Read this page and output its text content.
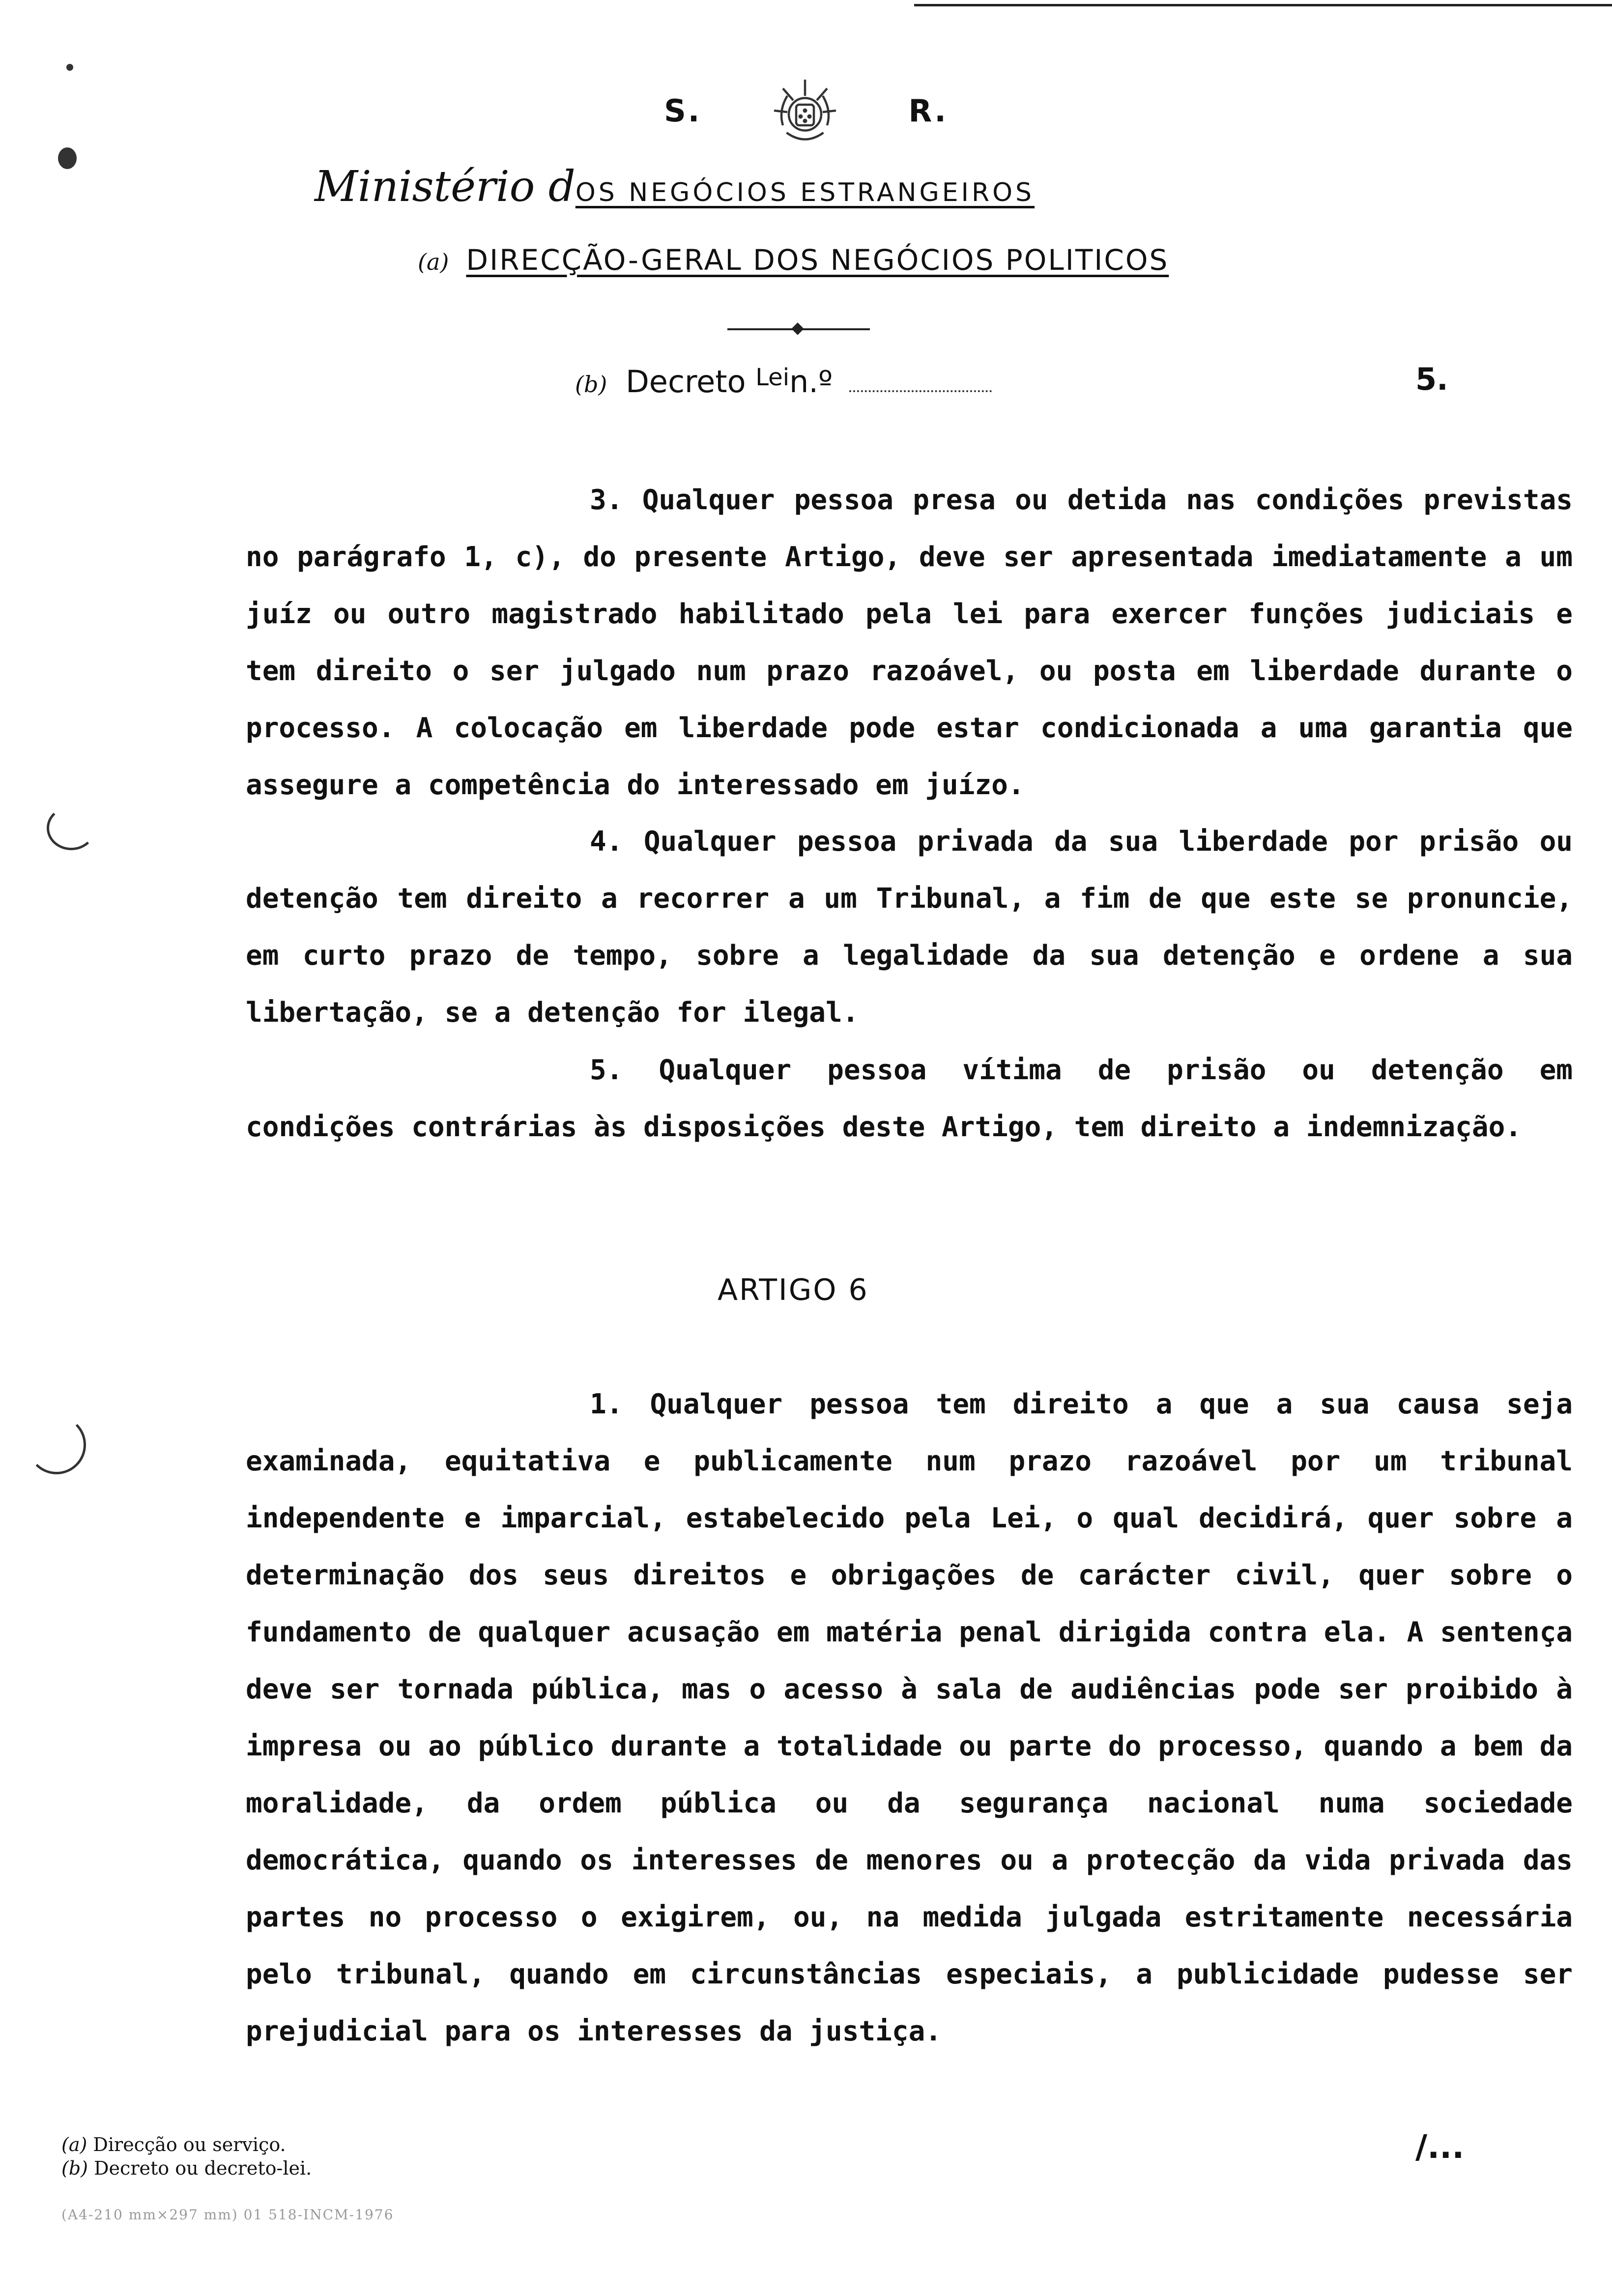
S.	R.
Ministério dOS NEGÓCIOS ESTRANGEIROS
(a) DIRECÇÃO-GERAL DOS NEGÓCIOS POLITICOS
(b) Decreto $^{Lei}$n.º	5.

3. Qualquer pessoa presa ou detida nas condições previstas no parágrafo 1, c), do presente Artigo, deve ser apresentada imediatamente a um juíz ou outro magistrado habilitado pela lei para exercer funções judiciais e tem direito o ser julgado num prazo razoável, ou posta em liberdade durante o processo. A colocação em liberdade pode estar condicionada a uma garantia que assegure a competência do interessado em juízo.

4. Qualquer pessoa privada da sua liberdade por prisão ou detenção tem direito a recorrer a um Tribunal, a fim de que este se pronuncie, em curto prazo de tempo, sobre a legalidade da sua detenção e ordene a sua libertação, se a detenção for ilegal.

5. Qualquer pessoa vítima de prisão ou detenção em condições contrárias às disposições deste Artigo, tem direito a indemnização.

ARTIGO 6

1. Qualquer pessoa tem direito a que a sua causa seja examinada, equitativa e publicamente num prazo razoável por um tribunal independente e imparcial, estabelecido pela Lei, o qual decidirá, quer sobre a determinação dos seus direitos e obrigações de carácter civil, quer sobre o fundamento de qualquer acusação em matéria penal dirigida contra ela. A sentença deve ser tornada pública, mas o acesso à sala de audiências pode ser proibido à impresa ou ao público durante a totalidade ou parte do processo, quando a bem da moralidade, da ordem pública ou da segurança nacional numa sociedade democrática, quando os interesses de menores ou a protecção da vida privada das partes no processo o exigirem, ou, na medida julgada estritamente necessária pelo tribunal, quando em circunstâncias especiais, a publicidade pudesse ser prejudicial para os interesses da justiça.

(a) Direcção ou serviço.
(b) Decreto ou decreto-lei.
(A4-210 mm×297 mm) 01 518-INCM-1976
/...
